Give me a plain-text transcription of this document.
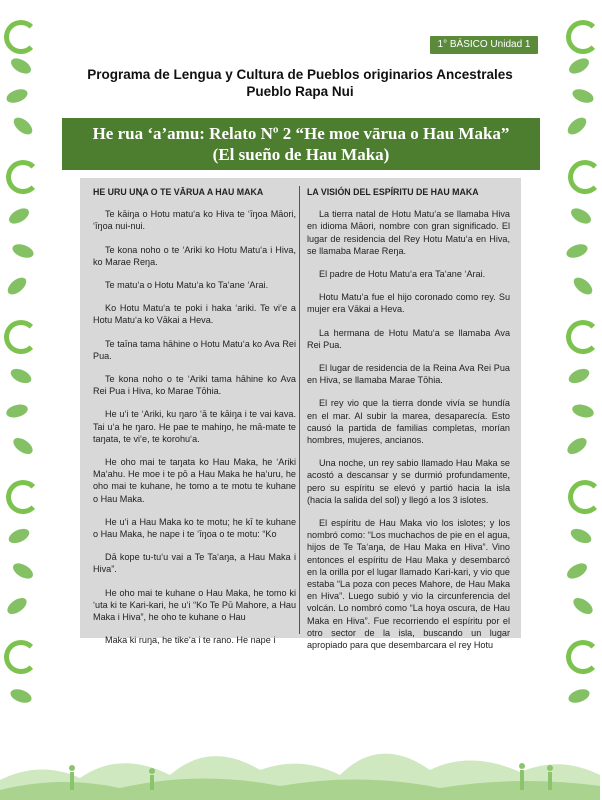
1° BÁSICO Unidad 1
Programa de Lengua y Cultura de Pueblos originarios Ancestrales
Pueblo Rapa Nui
He rua ‘a’amu: Relato Nº 2 “He moe vārua o Hau Maka”
(El sueño de Hau Maka)
HE URU UꞐA O TE VĀRUA A HAU MAKA

Te kāiŋa o Hotu matu‘a ko Hiva te ‘īŋoa Māori, ‘īŋoa nui-nui.

Te kona noho o te ‘Ariki ko Hotu Matu‘a i Hiva, ko Marae Reŋa.

Te matu‘a o Hotu Matu‘a ko Ta‘ane ‘Arai.

Ko Hotu Matu‘a te poki i haka ‘ariki. Te vi‘e a Hotu Matu‘a ko Vākai a Heva.

Te taīna tama hāhine o Hotu Matu‘a ko Ava Rei Pua.

Te kona noho o te ‘Ariki tama hāhine ko Ava Rei Pua i Hiva, ko Marae Tōhia.

He u‘i te ‘Ariki, ku ŋaro ‘ā te kāiŋa i te vai kava. Tai u‘a he ŋaro. He pae te mahiŋo, he mā-mate te taŋata, te vi‘e, te korohu‘a.

He oho mai te taŋata ko Hau Maka, he ‘Ariki Ma‘ahu. He moe i te pō a Hau Maka he ha‘uru, he oho mai te kuhane, he tomo a te motu te kuhane o Hau Maka.

He u‘i a Hau Maka ko te motu; he kī te kuhane o Hau Maka, he nape i te ‘īŋoa o te motu: “Ko

Dā kope tu-tu‘u vai a Te Ta‘aŋa, a Hau Maka i Hiva”.

He oho mai te kuhane o Hau Maka, he tomo ki ‘uta ki te Kari-kari, he u‘i “Ko Te Pū Mahore, a Hau Maka i Hiva”, he oho te kuhane o Hau

Maka ki ruŋa, he tike‘a i te rano. He nape i

LA VISIÓN DEL ESPÍRITU DE HAU MAKA

La tierra natal de Hotu Matu‘a se llamaba Hiva en idioma Māori, nombre con gran significado. El lugar de residencia del Rey Hotu Matu‘a en Hiva, se llamaba Marae Reŋa.

El padre de Hotu Matu‘a era Ta‘ane ‘Arai.

Hotu Matu‘a fue el hijo coronado como rey. Su mujer era Vākai a Heva.

La hermana de Hotu Matu‘a se llamaba Ava Rei Pua.

El lugar de residencia de la Reina Ava Rei Pua en Hiva, se llamaba Marae Tōhia.

El rey vio que la tierra donde vivía se hundía en el mar. Al subir la marea, desaparecía. Esto causó la partida de familias completas, morían hombres, mujeres, ancianos.

Una noche, un rey sabio llamado Hau Maka se acostó a descansar y se durmió profundamente, pero su espíritu se elevó y partió hacia la isla (hacia la salida del sol) y llegó a los 3 islotes.

El espíritu de Hau Maka vio los islotes; y los nombró como: “Los muchachos de pie en el agua, hijos de Te Ta‘aŋa, de Hau Maka en Hiva”. Vino entonces el espíritu de Hau Maka y desembarcó en la orilla por el lugar llamado Kari-kari, y vio que estaba “La poza con peces Mahore, de Hau Maka en Hiva”. Luego subió y vio la circunferencia del volcán. Lo nombró como “La hoya oscura, de Hau Maka en Hiva”. Fue recorriendo el espíritu por el otro sector de la isla, buscando un lugar apropiado para que desembarcara el rey Hotu
